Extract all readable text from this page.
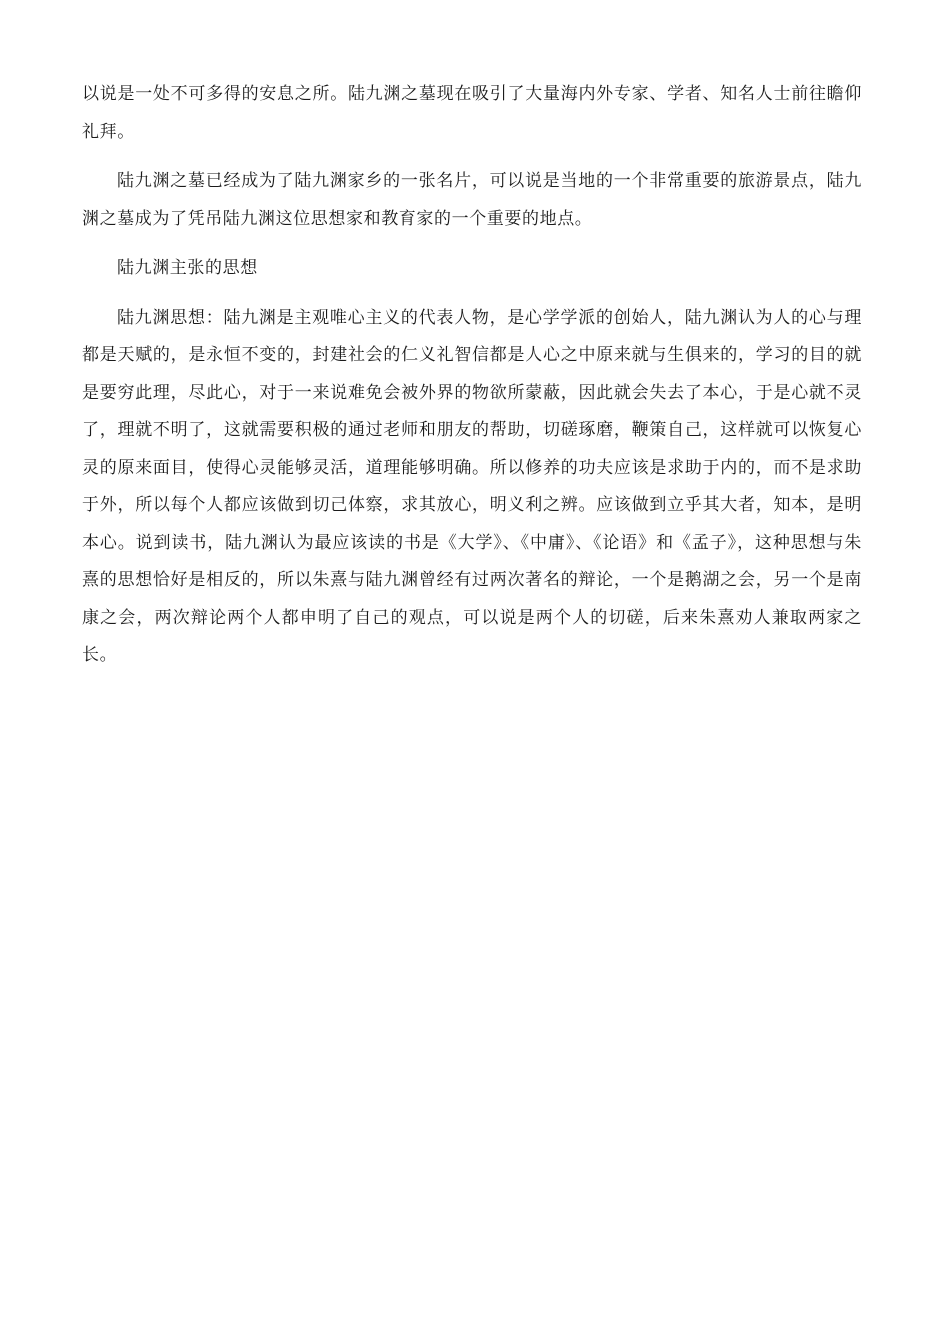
以说是一处不可多得的安息之所。陆九渊之墓现在吸引了大量海内外专家、学者、知名人士前往瞻仰礼拜。

陆九渊之墓已经成为了陆九渊家乡的一张名片，可以说是当地的一个非常重要的旅游景点，陆九渊之墓成为了凭吊陆九渊这位思想家和教育家的一个重要的地点。

陆九渊主张的思想

陆九渊思想：陆九渊是主观唯心主义的代表人物，是心学学派的创始人，陆九渊认为人的心与理都是天赋的，是永恒不变的，封建社会的仁义礼智信都是人心之中原来就与生俱来的，学习的目的就是要穷此理，尽此心，对于一来说难免会被外界的物欲所蒙蔽，因此就会失去了本心，于是心就不灵了，理就不明了，这就需要积极的通过老师和朋友的帮助，切磋琢磨，鞭策自己，这样就可以恢复心灵的原来面目，使得心灵能够灵活，道理能够明确。所以修养的功夫应该是求助于内的，而不是求助于外，所以每个人都应该做到切己体察，求其放心，明义利之辨。应该做到立乎其大者，知本，是明本心。说到读书，陆九渊认为最应该读的书是《大学》、《中庸》、《论语》和《孟子》，这种思想与朱熹的思想恰好是相反的，所以朱熹与陆九渊曾经有过两次著名的辩论，一个是鹅湖之会，另一个是南康之会，两次辩论两个人都申明了自己的观点，可以说是两个人的切磋，后来朱熹劝人兼取两家之长。
